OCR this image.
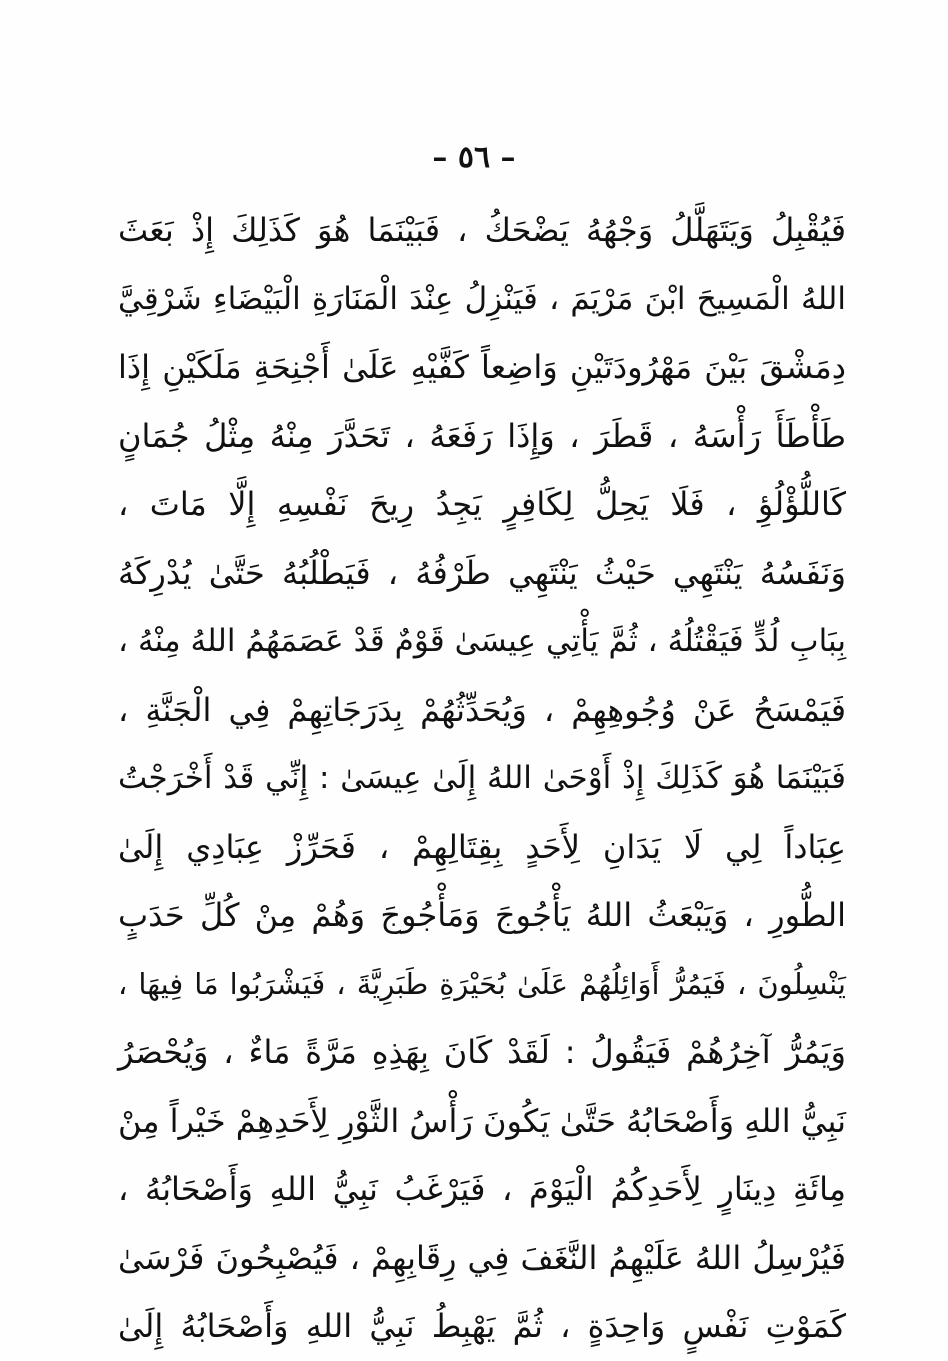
– ٥٦ –
فَيُقْبِلُ وَيَتَهَلَّلُ وَجْهُهُ يَضْحَكُ ، فَبَيْنَمَا هُوَ كَذَلِكَ إِذْ بَعَثَ
اللهُ الْمَسِيحَ ابْنَ مَرْيَمَ ، فَيَنْزِلُ عِنْدَ الْمَنَارَةِ الْبَيْضَاءِ شَرْقِيَّ
دِمَشْقَ بَيْنَ مَهْرُودَتَيْنِ وَاضِعاً كَفَّيْهِ عَلَىٰ أَجْنِحَةِ مَلَكَيْنِ إِذَا
طَأْطَأَ رَأْسَهُ ، قَطَرَ ، وَإِذَا رَفَعَهُ ، تَحَدَّرَ مِنْهُ مِثْلُ جُمَانٍ
كَاللُّؤْلُؤِ ، فَلَا يَحِلُّ لِكَافِرٍ يَجِدُ رِيحَ نَفْسِهِ إِلَّا مَاتَ ،
وَنَفَسُهُ يَنْتَهِي حَيْثُ يَنْتَهِي طَرْفُهُ ، فَيَطْلُبُهُ حَتَّىٰ يُدْرِكَهُ
بِبَابِ لُدٍّ فَيَقْتُلُهُ ، ثُمَّ يَأْتِي عِيسَىٰ قَوْمٌ قَدْ عَصَمَهُمُ اللهُ مِنْهُ ،
فَيَمْسَحُ عَنْ وُجُوهِهِمْ ، وَيُحَدِّثُهُمْ بِدَرَجَاتِهِمْ فِي الْجَنَّةِ ،
فَبَيْنَمَا هُوَ كَذَلِكَ إِذْ أَوْحَىٰ اللهُ إِلَىٰ عِيسَىٰ : إِنِّي قَدْ أَخْرَجْتُ
عِبَاداً لِي لَا يَدَانِ لِأَحَدٍ بِقِتَالِهِمْ ، فَحَرِّزْ عِبَادِي إِلَىٰ
الطُّورِ ، وَيَبْعَثُ اللهُ يَأْجُوجَ وَمَأْجُوجَ وَهُمْ مِنْ كُلِّ حَدَبٍ
يَنْسِلُونَ ، فَيَمُرُّ أَوَائِلُهُمْ عَلَىٰ بُحَيْرَةِ طَبَرِيَّةَ ، فَيَشْرَبُوا مَا فِيهَا ،
وَيَمُرُّ آخِرُهُمْ فَيَقُولُ : لَقَدْ كَانَ بِهَذِهِ مَرَّةً مَاءٌ ، وَيُحْصَرُ
نَبِيُّ اللهِ وَأَصْحَابُهُ حَتَّىٰ يَكُونَ رَأْسُ الثَّوْرِ لِأَحَدِهِمْ خَيْراً مِنْ
مِائَةِ دِينَارٍ لِأَحَدِكُمُ الْيَوْمَ ، فَيَرْغَبُ نَبِيُّ اللهِ وَأَصْحَابُهُ ،
فَيُرْسِلُ اللهُ عَلَيْهِمُ النَّغَفَ فِي رِقَابِهِمْ ، فَيُصْبِحُونَ فَرْسَىٰ
كَمَوْتِ نَفْسٍ وَاحِدَةٍ ، ثُمَّ يَهْبِطُ نَبِيُّ اللهِ وَأَصْحَابُهُ إِلَىٰ
